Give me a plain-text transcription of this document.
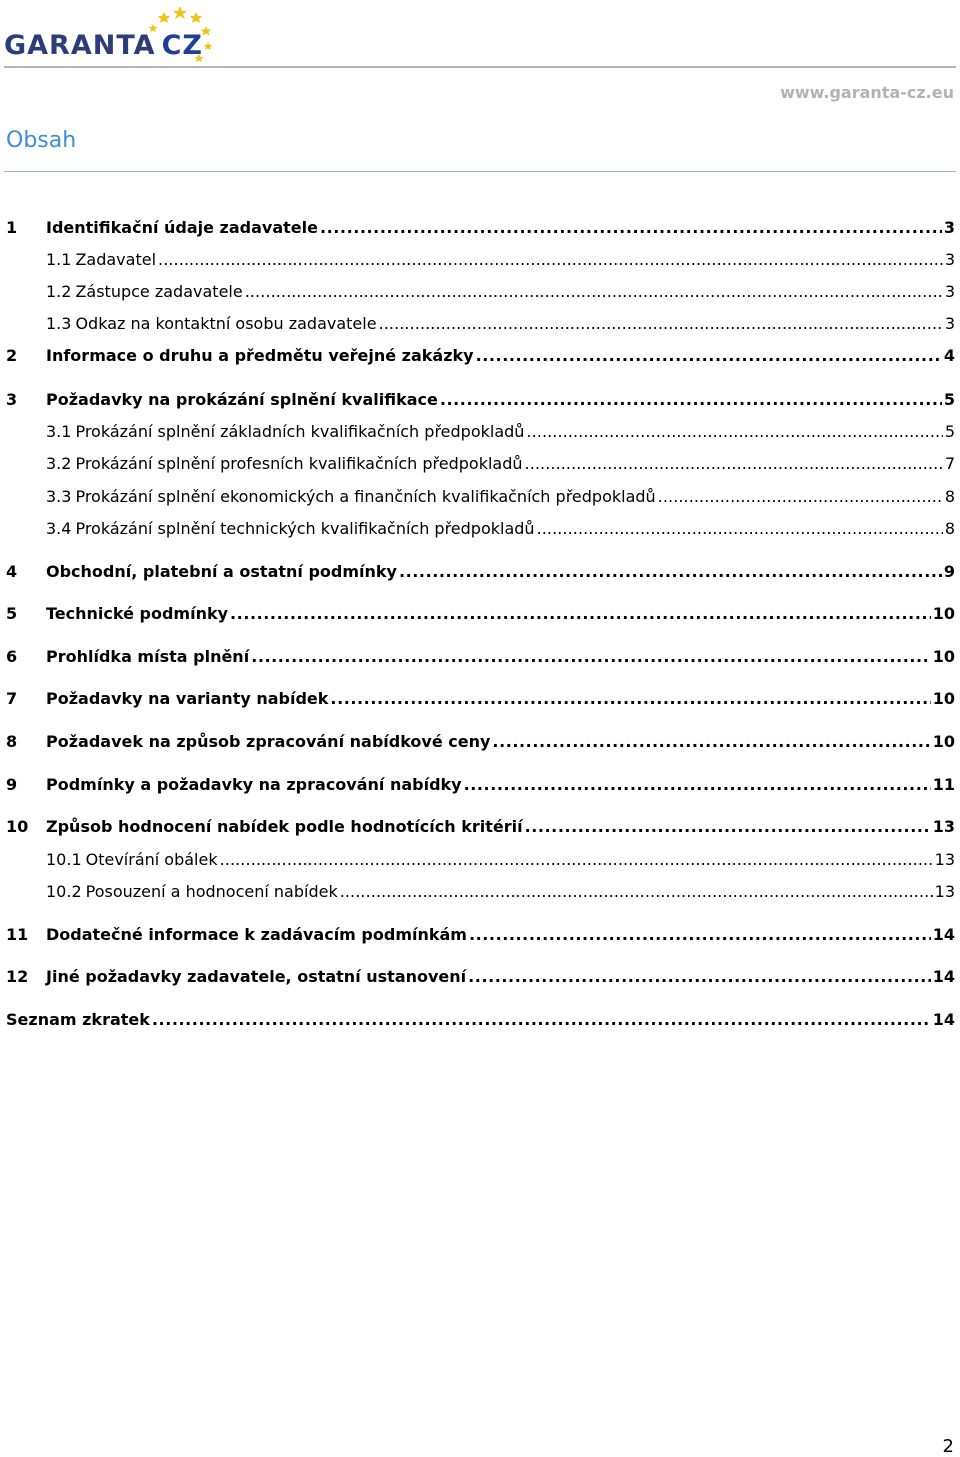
GARANTA CZ
www.garanta-cz.eu
Obsah
1	Identifikační údaje zadavatele . . .	3
1.1 Zadavatel . . .	3
1.2 Zástupce zadavatele . . .	3
1.3 Odkaz na kontaktní osobu zadavatele . . .	3
2	Informace o druhu a předmětu veřejné zakázky . . .	4
3	Požadavky na prokázání splnění kvalifikace . . .	5
3.1 Prokázání splnění základních kvalifikačních předpokladů . . .	5
3.2 Prokázání splnění profesních kvalifikačních předpokladů . . .	7
3.3 Prokázání splnění ekonomických a finančních kvalifikačních předpokladů . . .	8
3.4 Prokázání splnění technických kvalifikačních předpokladů . . .	8
4	Obchodní, platební a ostatní podmínky . . .	9
5	Technické podmínky . . .	10
6	Prohlídka místa plnění . . .	10
7	Požadavky na varianty nabídek . . .	10
8	Požadavek na způsob zpracování nabídkové ceny . . .	10
9	Podmínky a požadavky na zpracování nabídky . . .	11
10	Způsob hodnocení nabídek podle hodnotících kritérií . . .	13
10.1 Otevírání obálek . . .	13
10.2 Posouzení a hodnocení nabídek . . .	13
11	Dodatečné informace k zadávacím podmínkám . . .	14
12	Jiné požadavky zadavatele, ostatní ustanovení . . .	14
Seznam zkratek . . .	14
2
